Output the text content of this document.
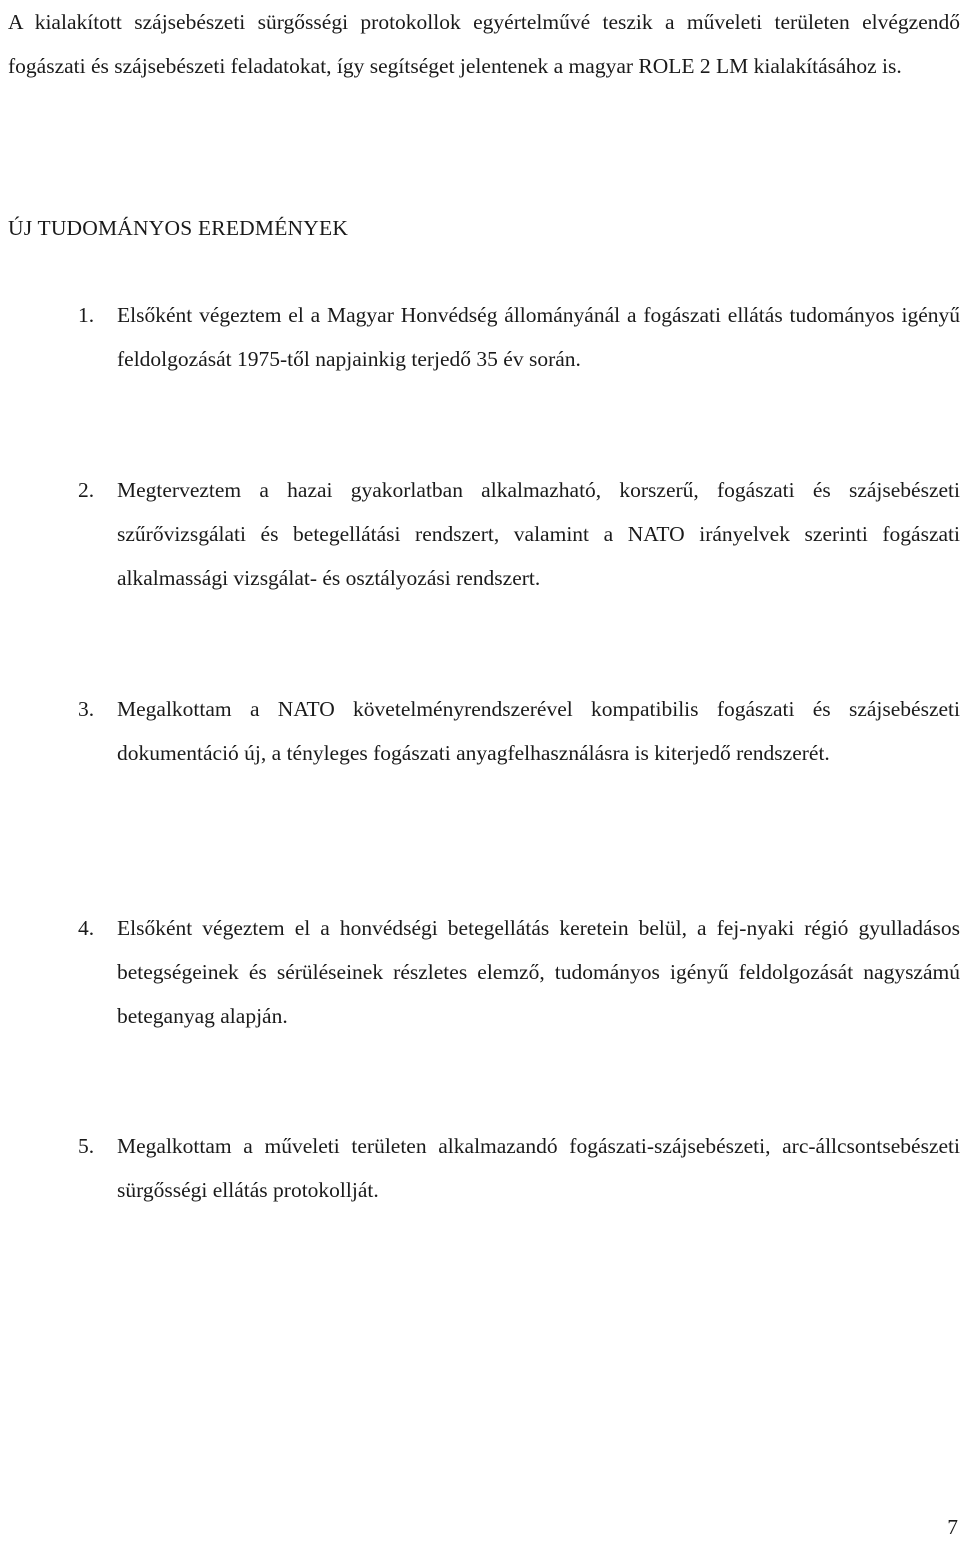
A kialakított szájsebészeti sürgősségi protokollok egyértelművé teszik a műveleti területen elvégzendő fogászati és szájsebészeti feladatokat, így segítséget jelentenek a magyar ROLE 2 LM kialakításához is.

ÚJ TUDOMÁNYOS EREDMÉNYEK
1.	Elsőként végeztem el a Magyar Honvédség állományánál a fogászati ellátás tudományos igényű feldolgozását 1975-től napjainkig terjedő 35 év során.

2.	Megterveztem a hazai gyakorlatban alkalmazható, korszerű, fogászati és szájsebészeti szűrővizsgálati és betegellátási rendszert, valamint a NATO irányelvek szerinti fogászati alkalmassági vizsgálat- és osztályozási rendszert.

3.	Megalkottam a NATO követelményrendszerével kompatibilis fogászati és szájsebészeti dokumentáció új, a tényleges fogászati anyagfelhasználásra is kiterjedő rendszerét.

4.	Elsőként végeztem el a honvédségi betegellátás keretein belül, a fej-nyaki régió gyulladásos betegségeinek és sérüléseinek részletes elemző, tudományos igényű feldolgozását nagyszámú beteganyag alapján.

5.	Megalkottam a műveleti területen alkalmazandó fogászati-szájsebészeti, arc-állcsontsebészeti sürgősségi ellátás protokollját.

7
